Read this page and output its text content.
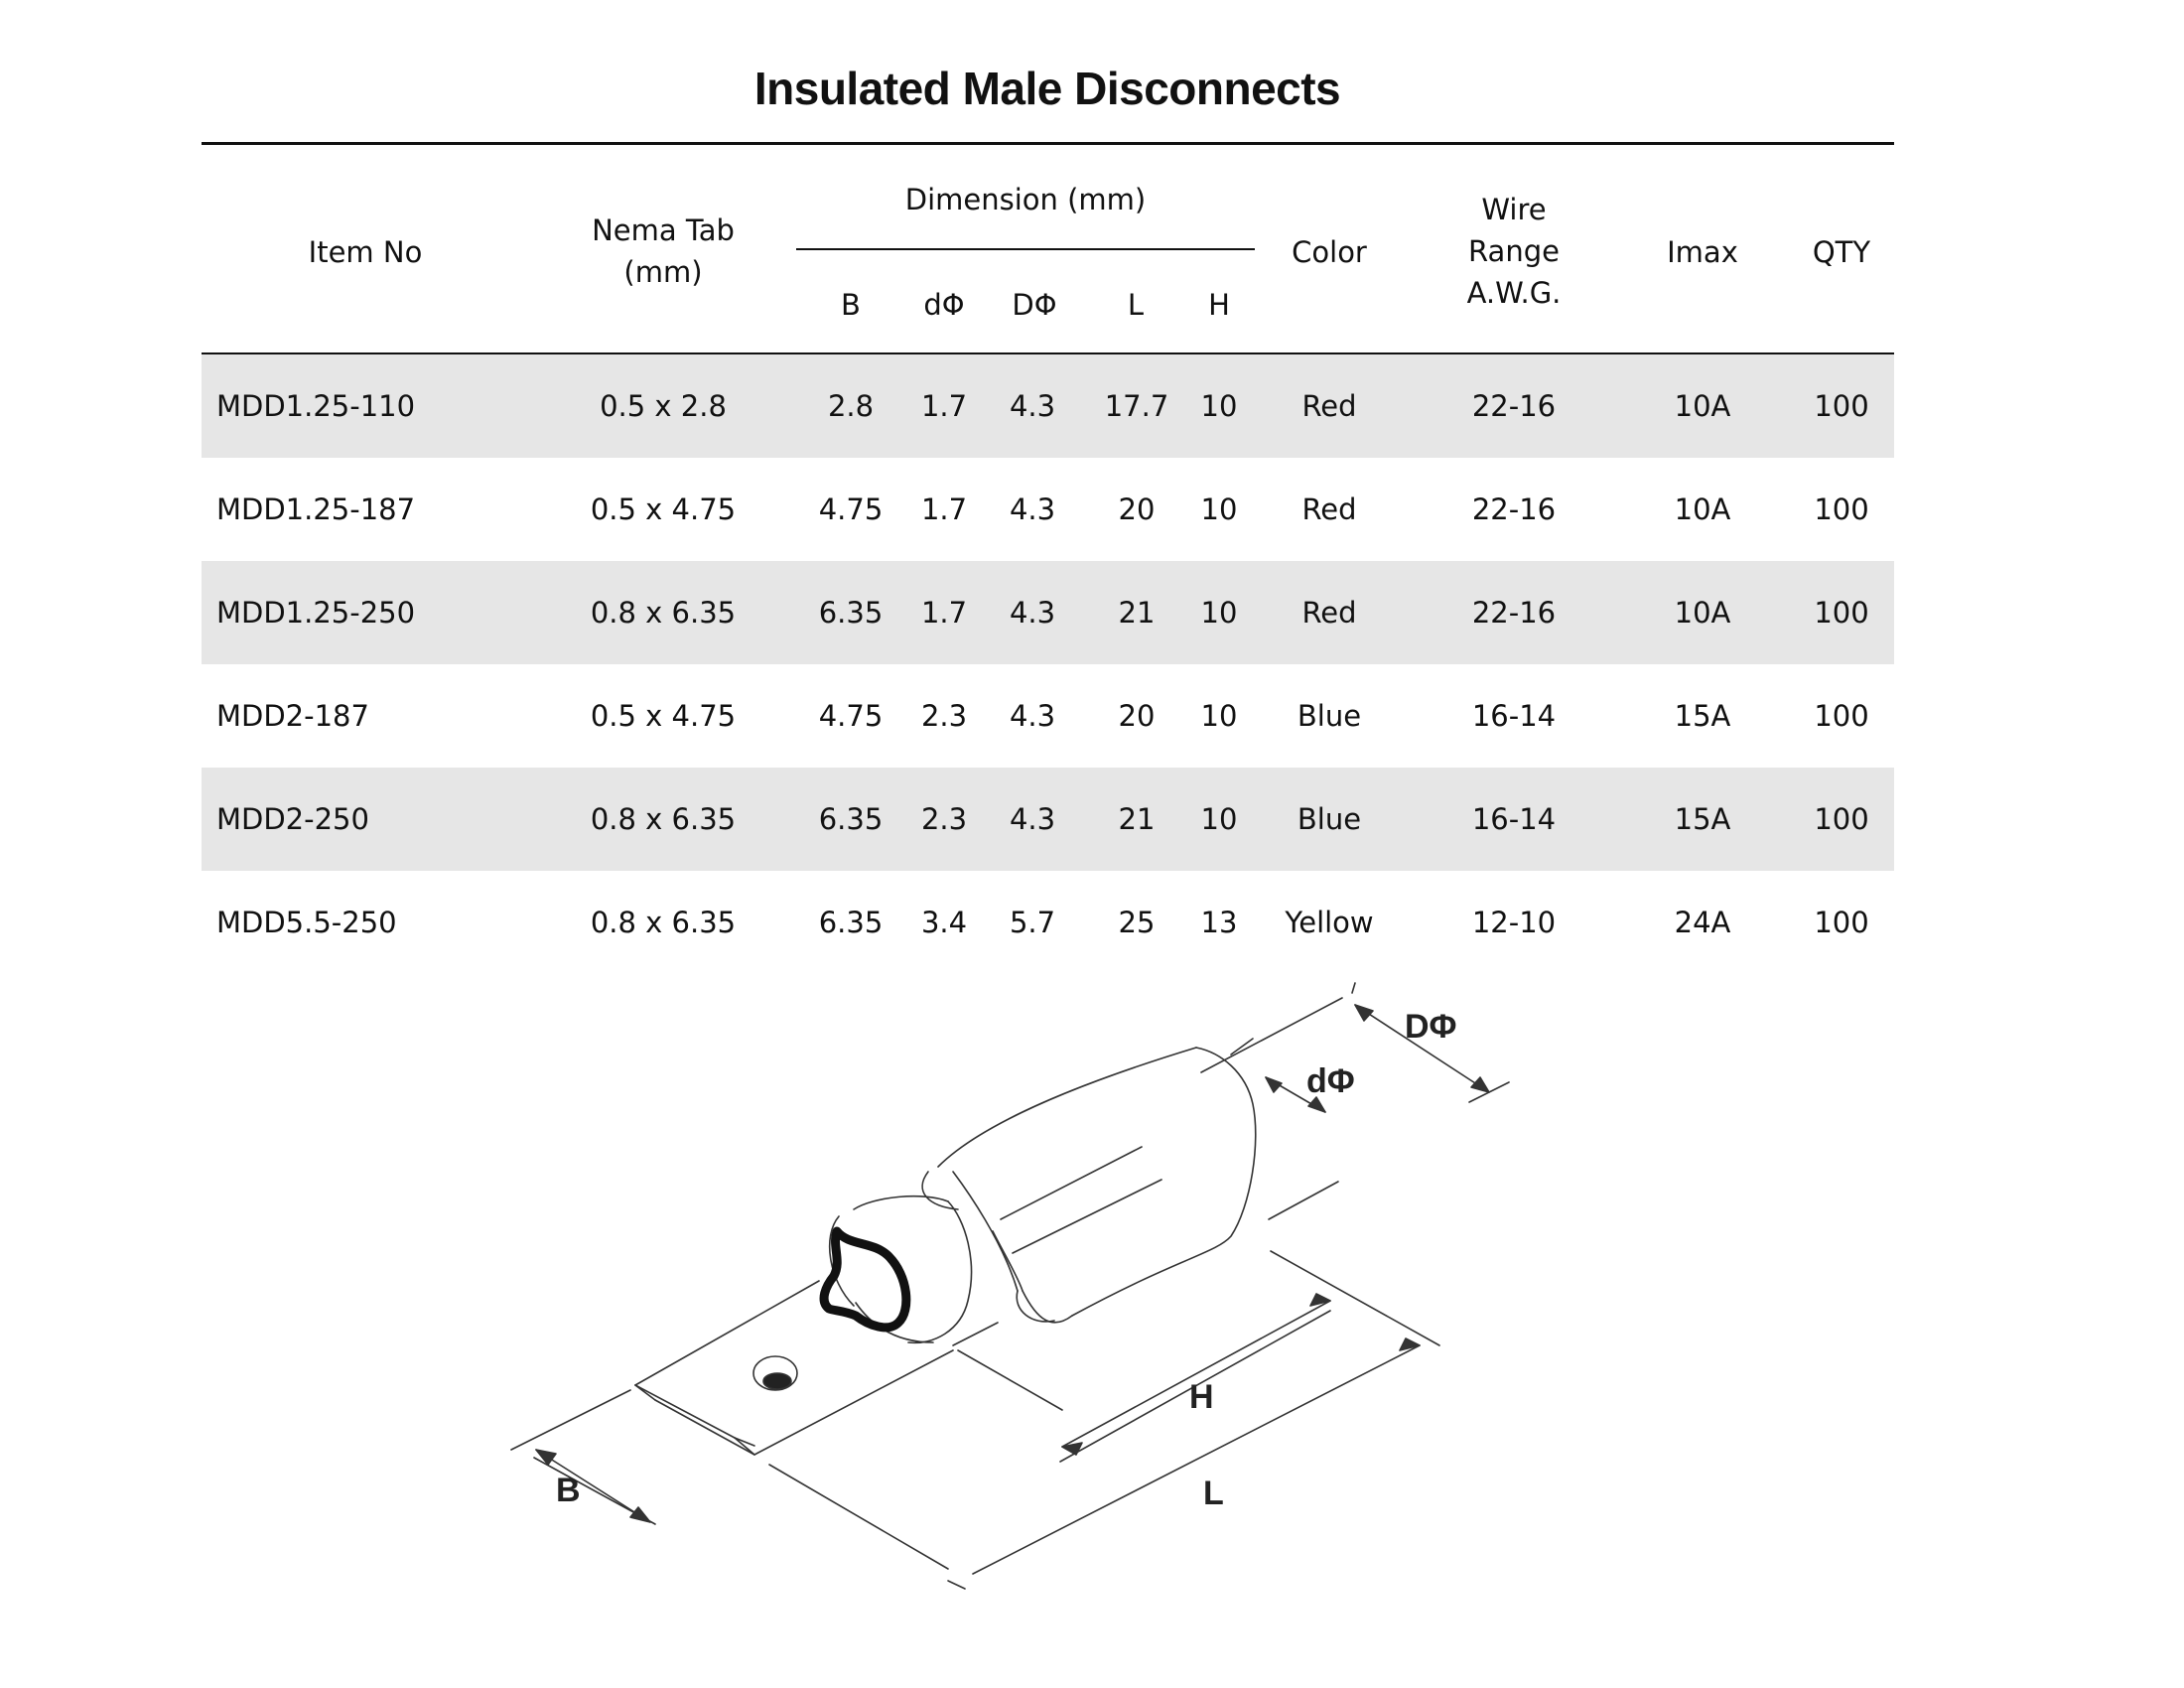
Insulated Male Disconnects
Item No
Nema Tab
(mm)
Dimension (mm)
B	dΦ	DΦ	L	H
Color
Wire
Range
A.W.G.
Imax	QTY
MDD1.25-110	0.5 x 2.8	2.8	1.7	4.3	17.7	10	Red	22-16	10A	100
MDD1.25-187	0.5 x 4.75	4.75	1.7	4.3	20	10	Red	22-16	10A	100
MDD1.25-250	0.8 x 6.35	6.35	1.7	4.3	21	10	Red	22-16	10A	100
MDD2-187	0.5 x 4.75	4.75	2.3	4.3	20	10	Blue	16-14	15A	100
MDD2-250	0.8 x 6.35	6.35	2.3	4.3	21	10	Blue	16-14	15A	100
MDD5.5-250	0.8 x 6.35	6.35	3.4	5.7	25	13	Yellow	12-10	24A	100
DΦ
dΦ
H
L
B
